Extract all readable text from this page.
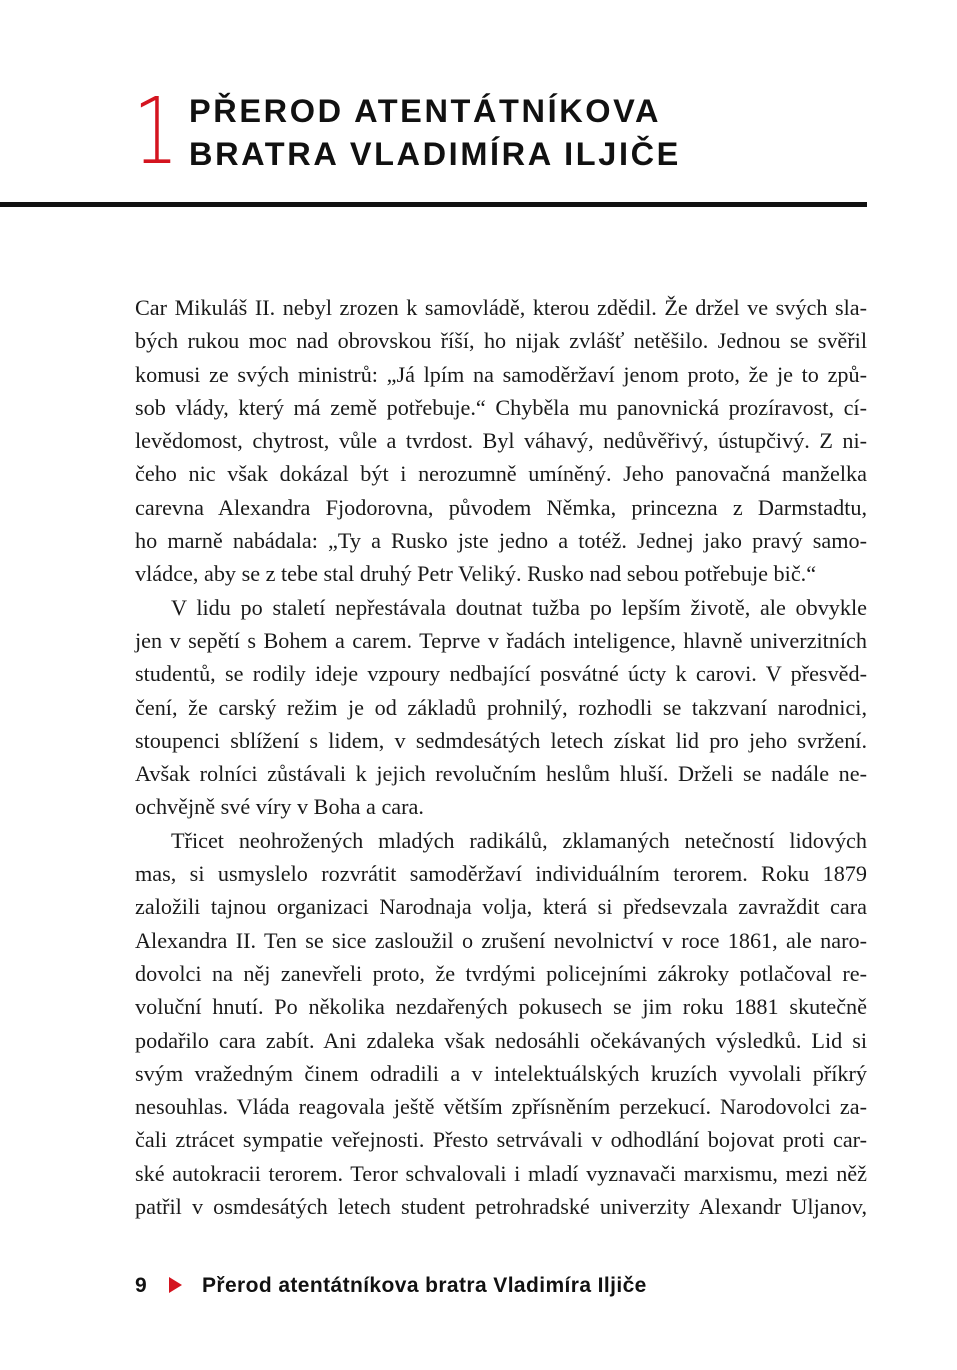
1 PŘEROD ATENTÁTNÍKOVA
BRATRA VLADIMÍRA ILJIČE

Car Mikuláš II. nebyl zrozen k samovládě, kterou zdědil. Že držel ve svých sla-
bých rukou moc nad obrovskou říší, ho nijak zvlášť netěšilo. Jednou se svěřil
komusi ze svých ministrů: „Já lpím na samoděržaví jenom proto, že je to způ-
sob vlády, který má země potřebuje.“ Chyběla mu panovnická prozíravost, cí-
levědomost, chytrost, vůle a tvrdost. Byl váhavý, nedůvěřivý, ústupčivý. Z ni-
čeho nic však dokázal být i nerozumně umíněný. Jeho panovačná manželka
carevna Alexandra Fjodorovna, původem Němka, princezna z Darmstadtu,
ho marně nabádala: „Ty a Rusko jste jedno a totéž. Jednej jako pravý samo-
vládce, aby se z tebe stal druhý Petr Veliký. Rusko nad sebou potřebuje bič.“

V lidu po staletí nepřestávala doutnat tužba po lepším životě, ale obvykle
jen v sepětí s Bohem a carem. Teprve v řadách inteligence, hlavně univerzitních
studentů, se rodily ideje vzpoury nedbající posvátné úcty k carovi. V přesvěd-
čení, že carský režim je od základů prohnilý, rozhodli se takzvaní narodnici,
stoupenci sblížení s lidem, v sedmdesátých letech získat lid pro jeho svržení.
Avšak rolníci zůstávali k jejich revolučním heslům hluší. Drželi se nadále ne-
ochvějně své víry v Boha a cara.

Třicet neohrožených mladých radikálů, zklamaných netečností lidových
mas, si usmyslelo rozvrátit samoděržaví individuálním terorem. Roku 1879
založili tajnou organizaci Narodnaja volja, která si předsevzala zavraždit cara
Alexandra II. Ten se sice zasloužil o zrušení nevolnictví v roce 1861, ale naro-
dovolci na něj zanevřeli proto, že tvrdými policejními zákroky potlačoval re-
voluční hnutí. Po několika nezdařených pokusech se jim roku 1881 skutečně
podařilo cara zabít. Ani zdaleka však nedosáhli očekávaných výsledků. Lid si
svým vražedným činem odradili a v intelektuálských kruzích vyvolali příkrý
nesouhlas. Vláda reagovala ještě větším zpřísněním perzekucí. Narodovolci za-
čali ztrácet sympatie veřejnosti. Přesto setrvávali v odhodlání bojovat proti car-
ské autokracii terorem. Teror schvalovali i mladí vyznavači marxismu, mezi něž
patřil v osmdesátých letech student petrohradské univerzity Alexandr Uljanov,

9	Přerod atentátníkova bratra Vladimíra Iljiče
